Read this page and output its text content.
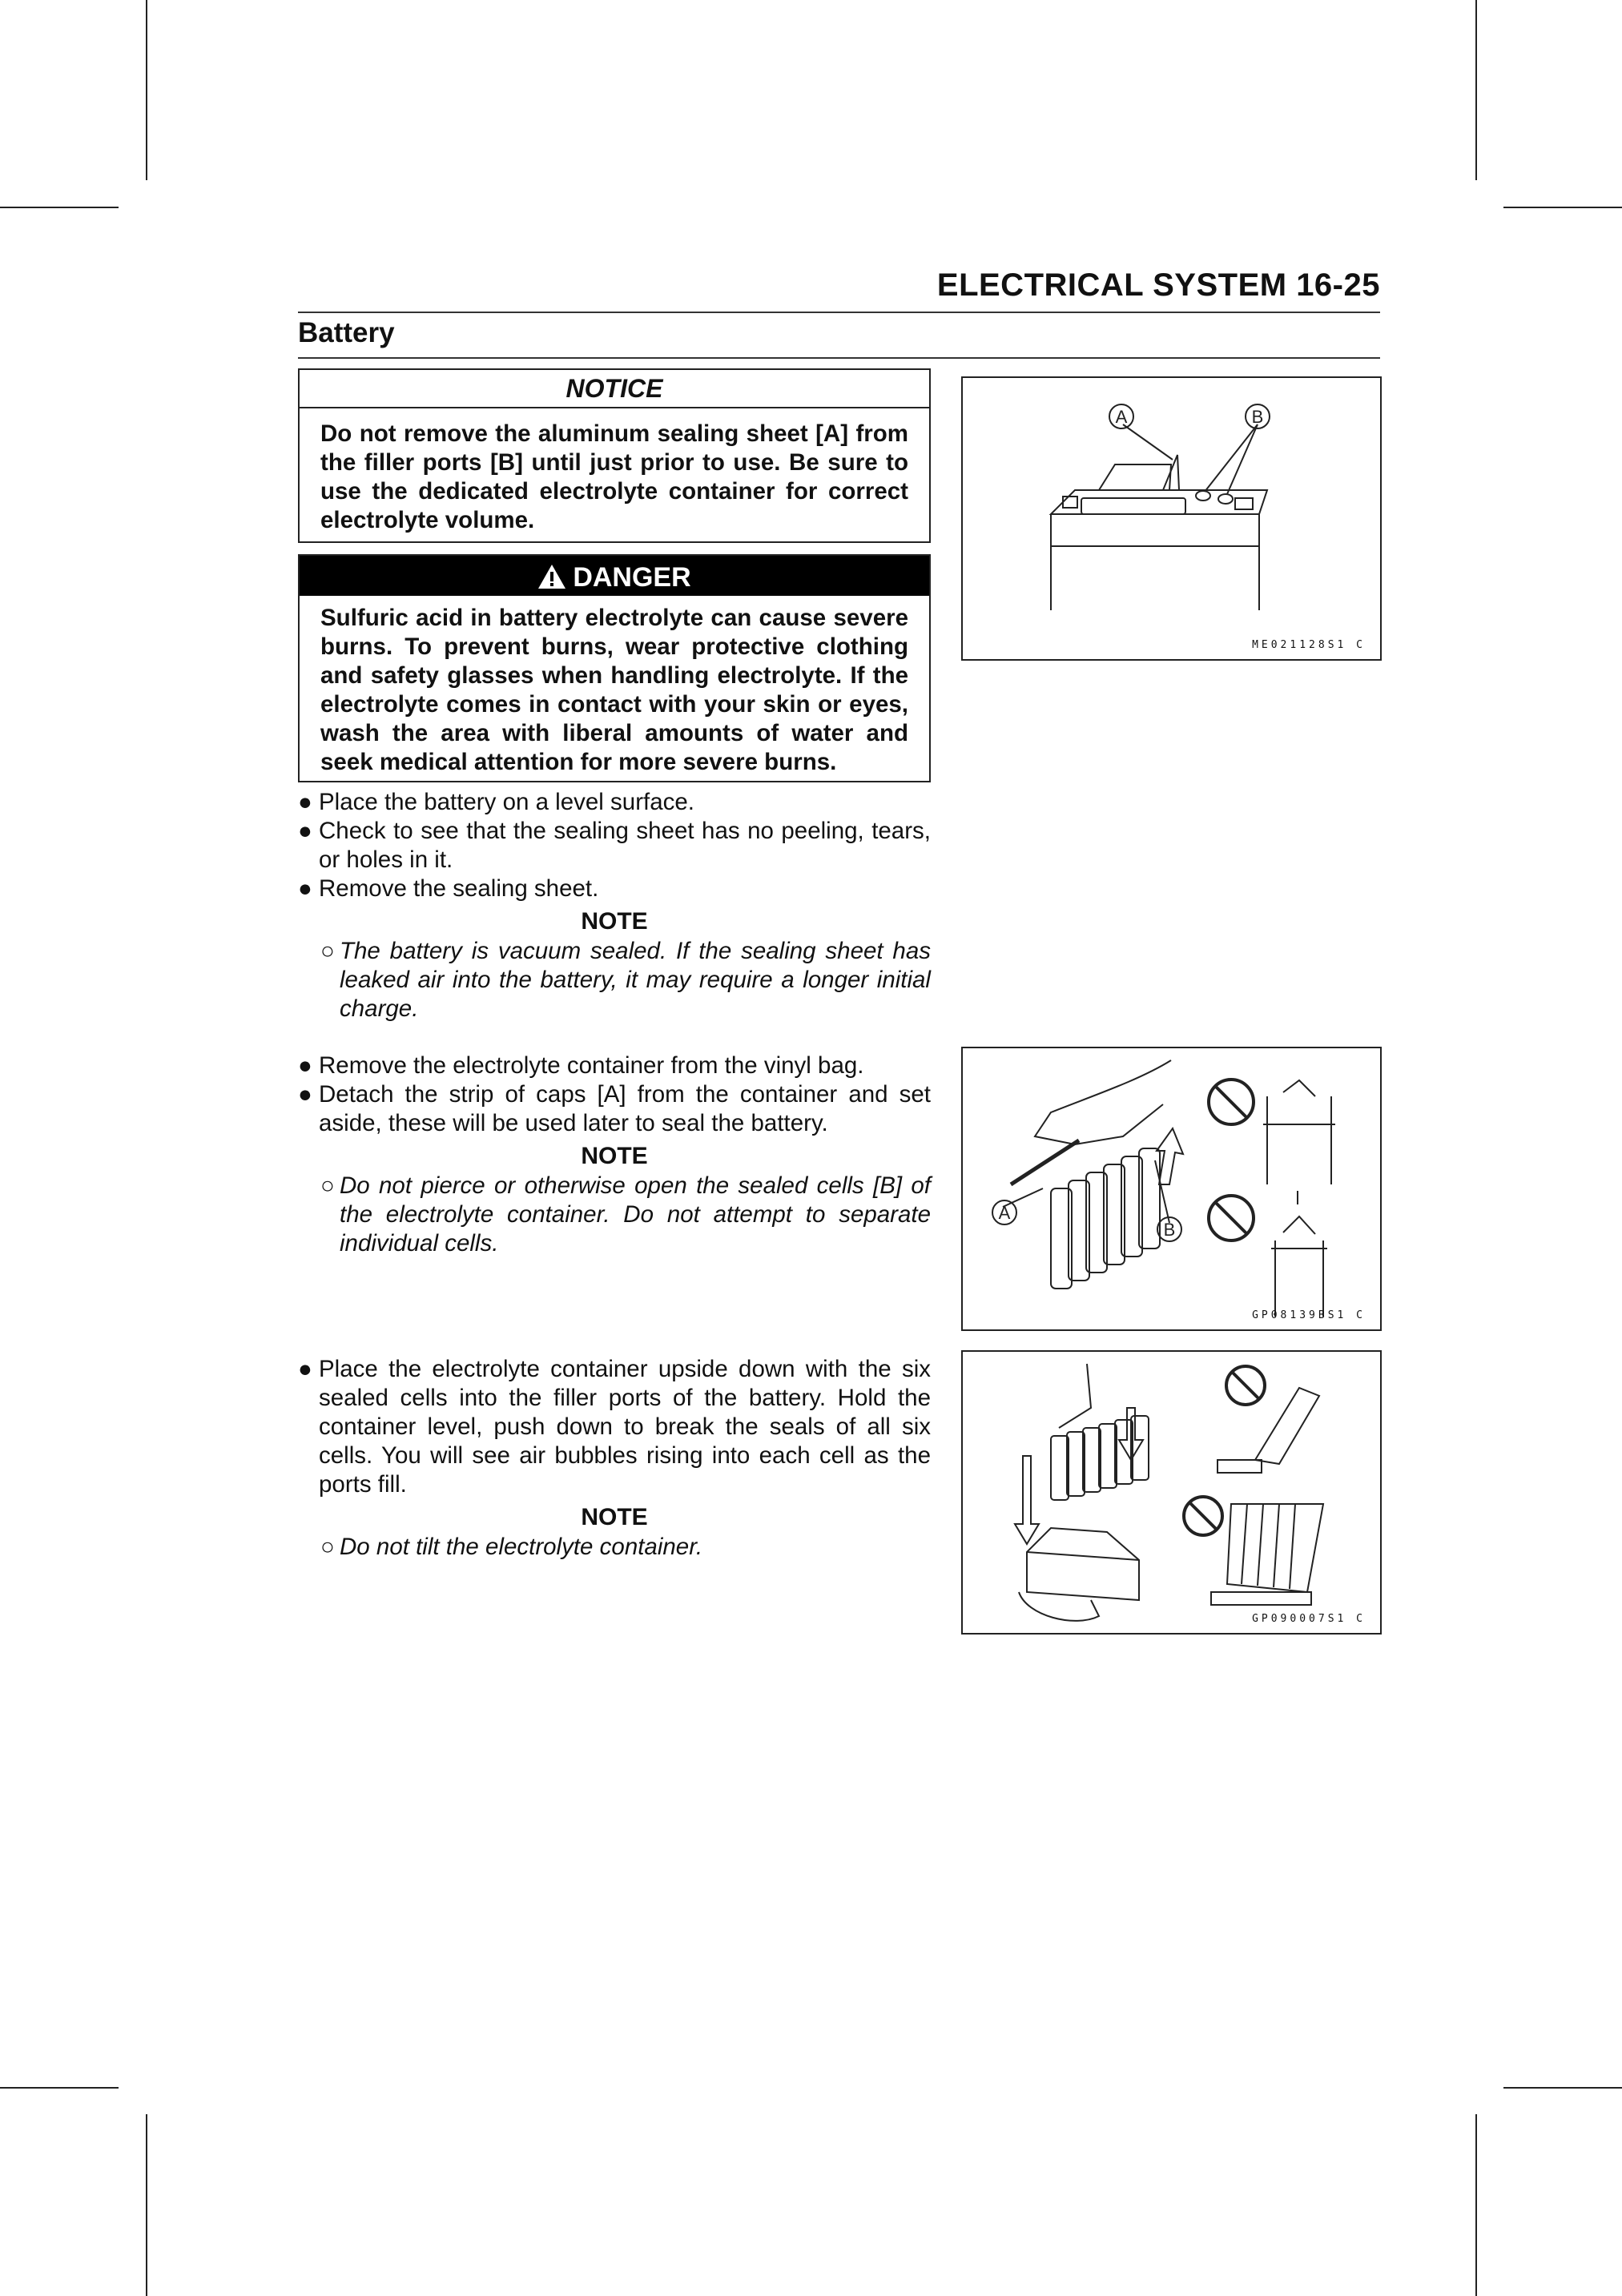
ELECTRICAL SYSTEM 16-25
Battery
NOTICE
Do not remove the aluminum sealing sheet [A] from the filler ports [B] until just prior to use. Be sure to use the dedicated electrolyte container for correct electrolyte volume.
DANGER
Sulfuric acid in battery electrolyte can cause severe burns. To prevent burns, wear protective clothing and safety glasses when handling electrolyte. If the electrolyte comes in contact with your skin or eyes, wash the area with liberal amounts of water and seek medical attention for more severe burns.
● Place the battery on a level surface.
● Check to see that the sealing sheet has no peeling, tears, or holes in it.
● Remove the sealing sheet.
NOTE
○ The battery is vacuum sealed. If the sealing sheet has leaked air into the battery, it may require a longer initial charge.
● Remove the electrolyte container from the vinyl bag.
● Detach the strip of caps [A] from the container and set aside, these will be used later to seal the battery.
NOTE
○ Do not pierce or otherwise open the sealed cells [B] of the electrolyte container. Do not attempt to separate individual cells.
● Place the electrolyte container upside down with the six sealed cells into the filler ports of the battery. Hold the container level, push down to break the seals of all six cells. You will see air bubbles rising into each cell as the ports fill.
NOTE
○ Do not tilt the electrolyte container.
A	B
ME021128S1 C
A
B
GP08139BS1 C
GP090007S1 C
